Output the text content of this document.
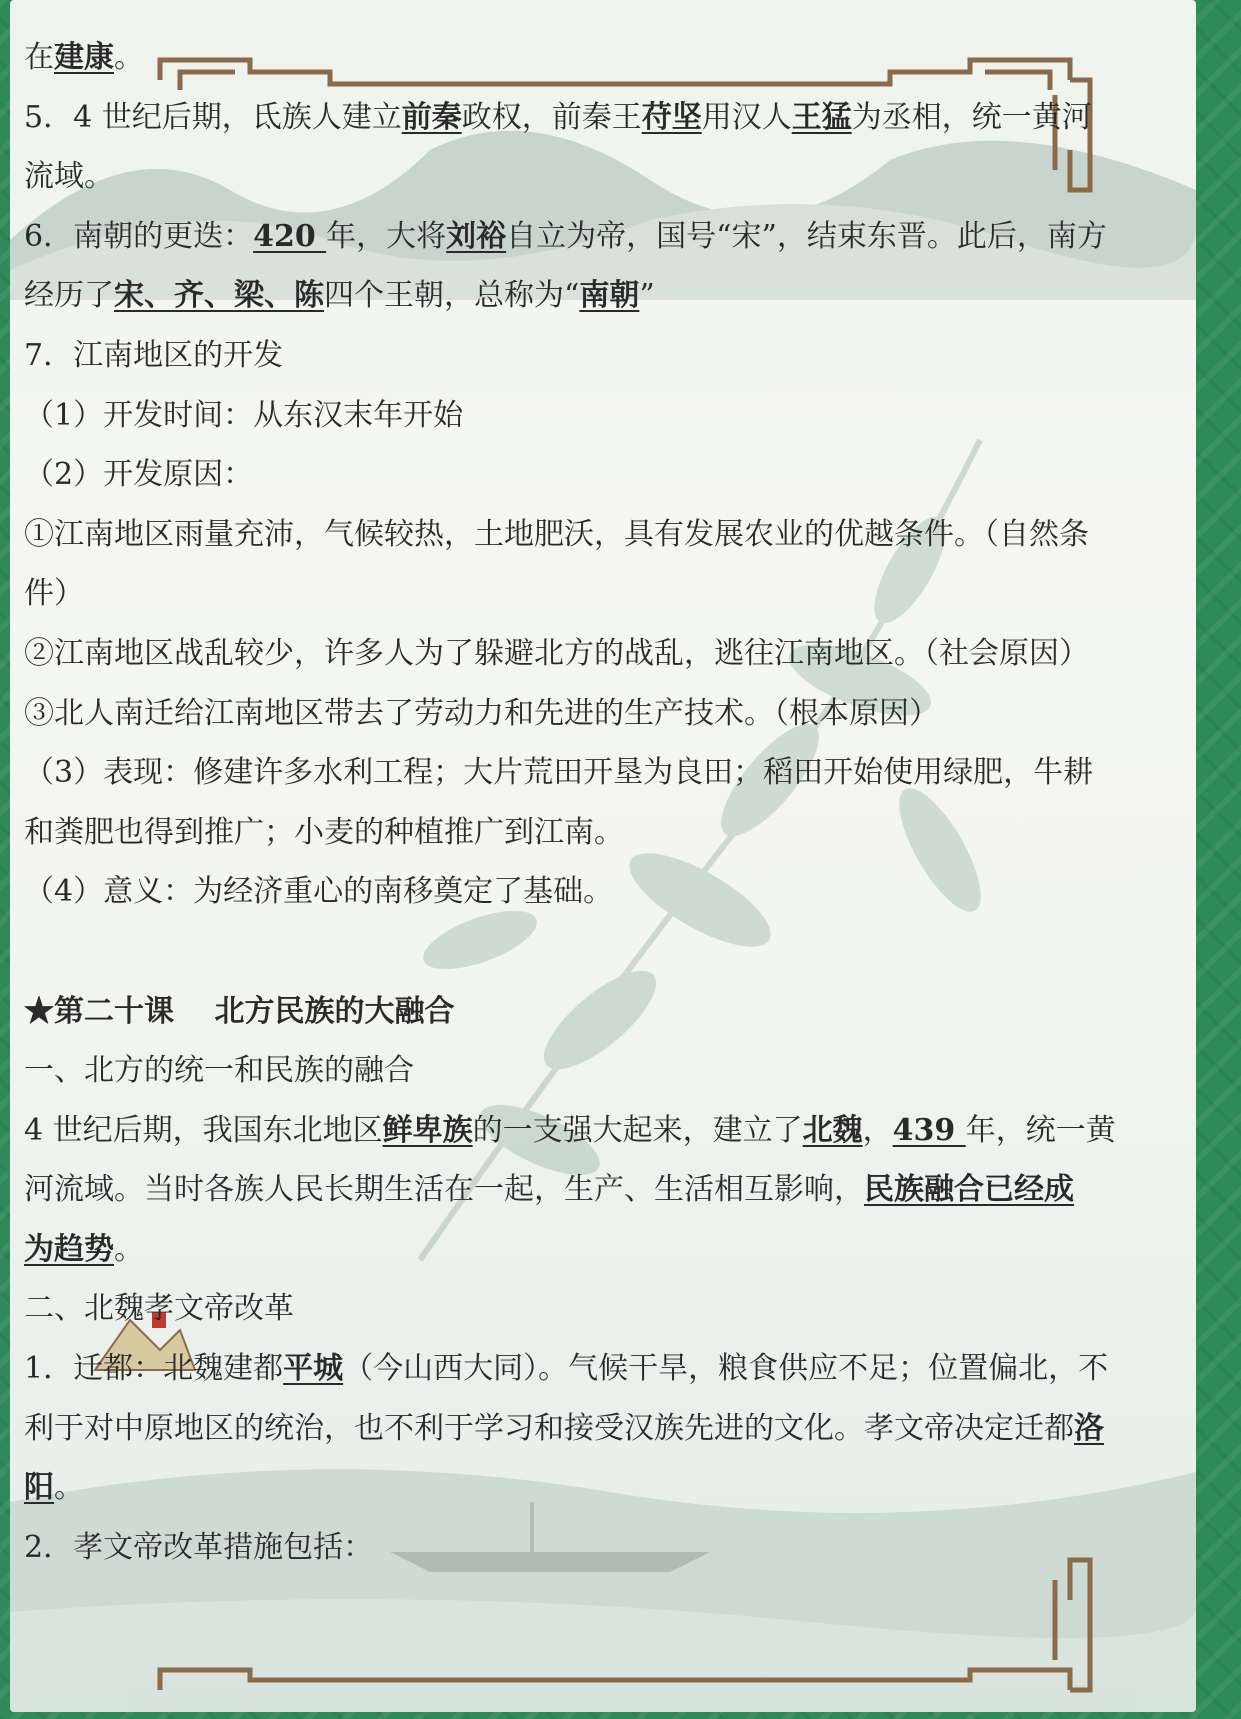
在建康。
5．4 世纪后期，氐族人建立前秦政权，前秦王苻坚用汉人王猛为丞相，统一黄河
流域。
6．南朝的更迭：420 年，大将刘裕自立为帝，国号“宋”，结束东晋。此后，南方
经历了宋、齐、梁、陈四个王朝，总称为“南朝”
7．江南地区的开发
（1）开发时间：从东汉末年开始
（2）开发原因：
①江南地区雨量充沛，气候较热，土地肥沃，具有发展农业的优越条件。（自然条
件）
②江南地区战乱较少，许多人为了躲避北方的战乱，逃往江南地区。（社会原因）
③北人南迁给江南地区带去了劳动力和先进的生产技术。（根本原因）
（3）表现：修建许多水利工程；大片荒田开垦为良田；稻田开始使用绿肥，牛耕
和粪肥也得到推广；小麦的种植推广到江南。
（4）意义：为经济重心的南移奠定了基础。
★第二十课　 北方民族的大融合
一、北方的统一和民族的融合
4 世纪后期，我国东北地区鲜卑族的一支强大起来，建立了北魏，439 年，统一黄
河流域。当时各族人民长期生活在一起，生产、生活相互影响，民族融合已经成
为趋势。
二、北魏孝文帝改革
1．迁都：北魏建都平城（今山西大同）。气候干旱，粮食供应不足；位置偏北，不
利于对中原地区的统治，也不利于学习和接受汉族先进的文化。孝文帝决定迁都洛
阳。
2．孝文帝改革措施包括：
